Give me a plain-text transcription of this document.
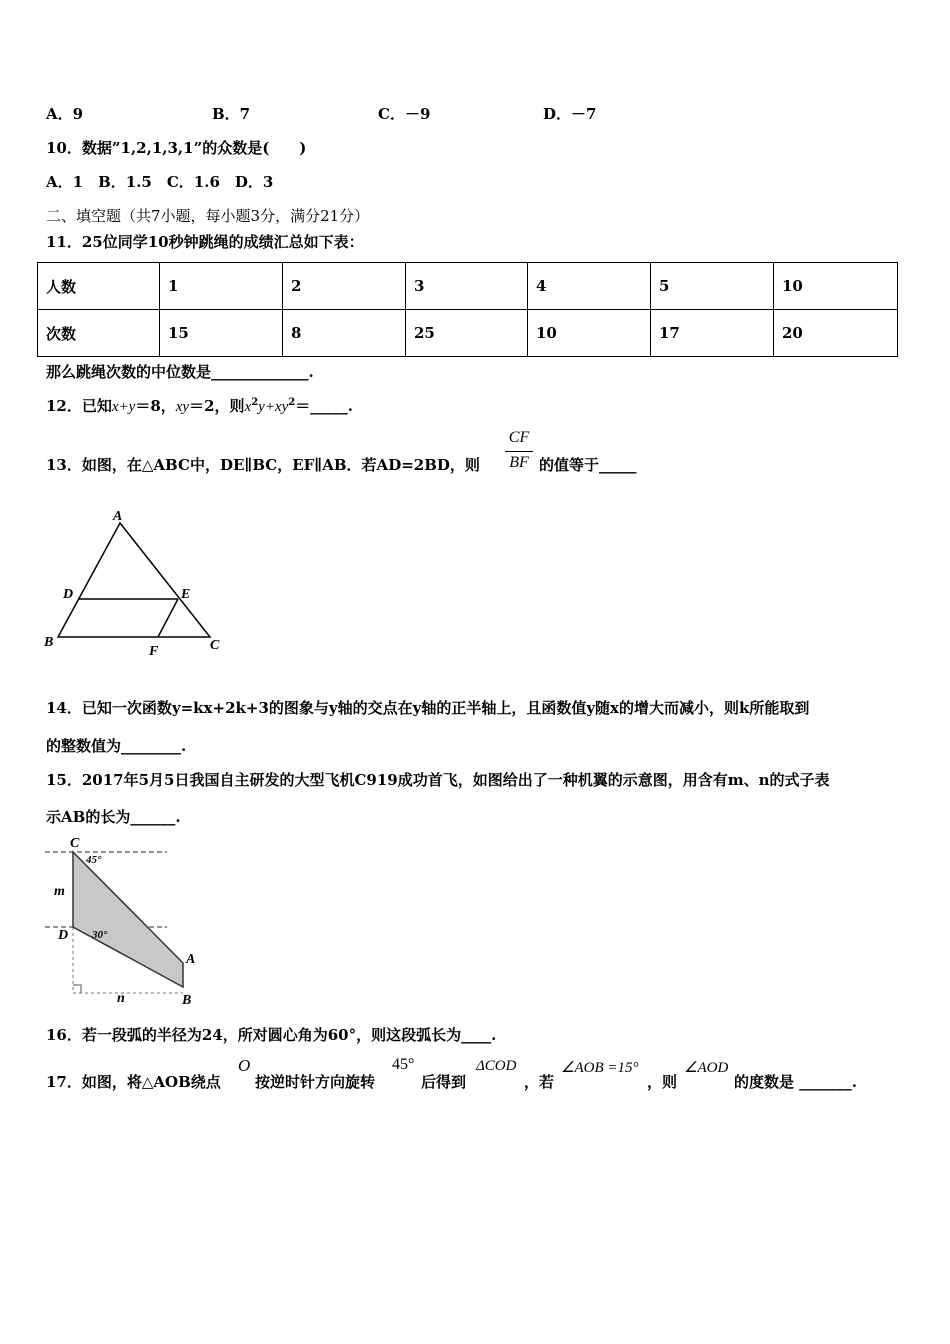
A．9	B．7	C．－9	D．－7
10．数据”1,2,1,3,1”的众数是(　　)
A．1　B．1.5　C．1.6　D．3
二、填空题（共7小题，每小题3分，满分21分）
11．25位同学10秒钟跳绳的成绩汇总如下表：
人数	1	2	3	4	5	10
次数	15	8	25	10	17	20
那么跳绳次数的中位数是_____________.
12．已知x+y＝8，xy＝2，则$x^2y+xy^2=\_\_\_\_\_$.
13．如图，在△ABC中，DE∥BC，EF∥AB．若AD=2BD，则
CF
BF 的值等于_____
A
D	E
B
F	C
14．已知一次函数y=kx+2k+3的图象与y轴的交点在y轴的正半轴上，且函数值y随x的增大而减小，则k所能取到
的整数值为________.
15．2017年5月5日我国自主研发的大型飞机C919成功首飞，如图给出了一种机翼的示意图，用含有m、n的式子表
示AB的长为______.
C
45°
m
D 30°
A
B
n
16．若一段弧的半径为24，所对圆心角为60°，则这段弧长为____.
17．如图，将△AOB绕点
O
按逆时针方向旋转
45°
后得到
ΔCOD
，若
∠AOB =15°
，则
∠AOD
的度数是 _______.
